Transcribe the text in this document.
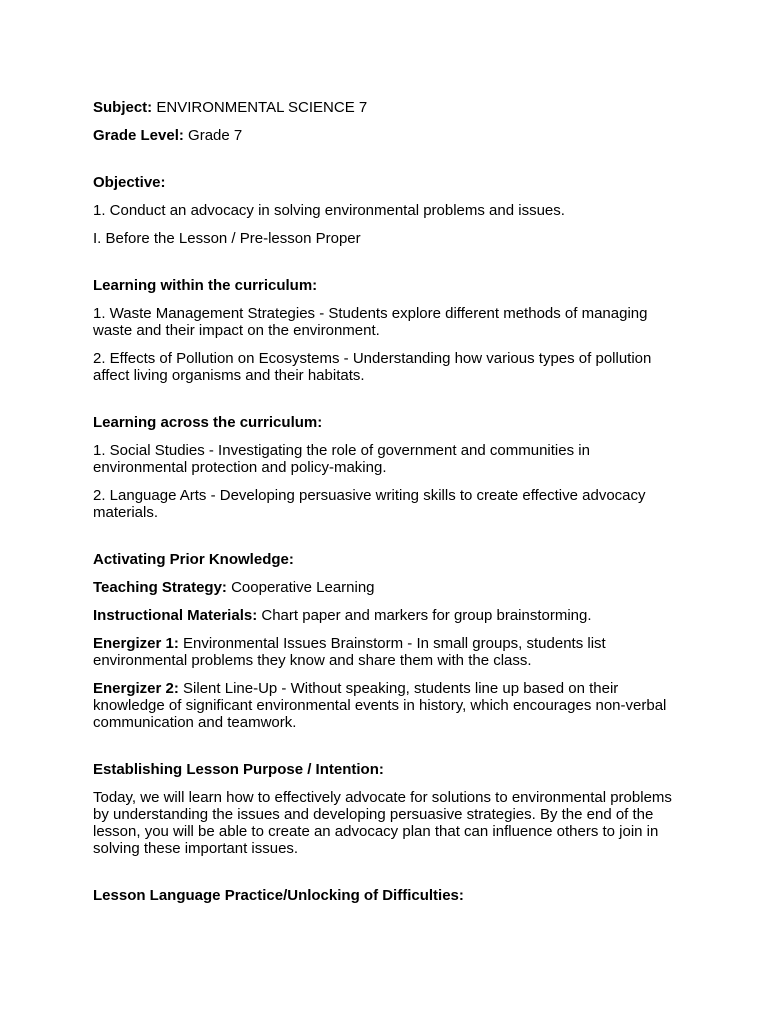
Subject: ENVIRONMENTAL SCIENCE 7

Grade Level: Grade 7

Objective:

1. Conduct an advocacy in solving environmental problems and issues.

I. Before the Lesson / Pre-lesson Proper

Learning within the curriculum:

1. Waste Management Strategies - Students explore different methods of managing waste and their impact on the environment.

2. Effects of Pollution on Ecosystems - Understanding how various types of pollution affect living organisms and their habitats.

Learning across the curriculum:

1. Social Studies - Investigating the role of government and communities in environmental protection and policy-making.

2. Language Arts - Developing persuasive writing skills to create effective advocacy materials.

Activating Prior Knowledge:

Teaching Strategy: Cooperative Learning

Instructional Materials: Chart paper and markers for group brainstorming.

Energizer 1: Environmental Issues Brainstorm - In small groups, students list environmental problems they know and share them with the class.

Energizer 2: Silent Line-Up - Without speaking, students line up based on their knowledge of significant environmental events in history, which encourages non-verbal communication and teamwork.

Establishing Lesson Purpose / Intention:

Today, we will learn how to effectively advocate for solutions to environmental problems by understanding the issues and developing persuasive strategies. By the end of the lesson, you will be able to create an advocacy plan that can influence others to join in solving these important issues.

Lesson Language Practice/Unlocking of Difficulties:
